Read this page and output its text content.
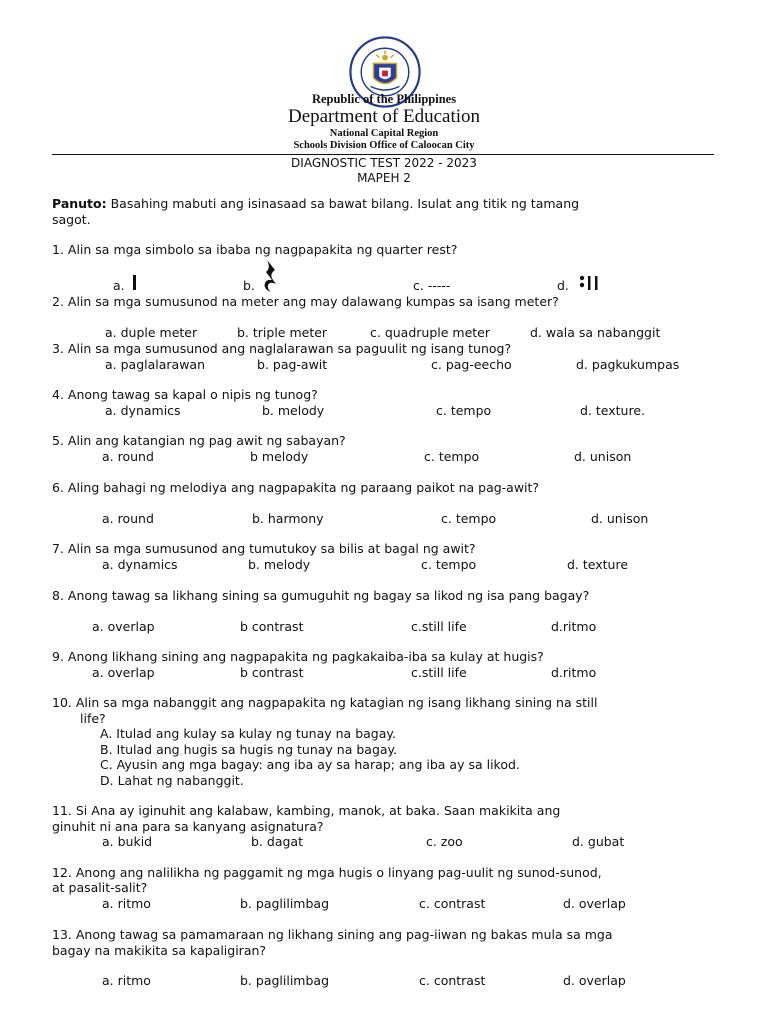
Republic of the Philippines
Department of Education
National Capital Region
Schools Division Office of Caloocan City
DIAGNOSTIC TEST 2022 - 2023
MAPEH 2
Panuto: Basahing mabuti ang isinasaad sa bawat bilang. Isulat ang titik ng tamang
sagot.
1. Alin sa mga simbolo sa ibaba ng nagpapakita ng quarter rest?
a.	b.	c. -----	d.
2. Alin sa mga sumusunod na meter ang may dalawang kumpas sa isang meter?
a. duple meter	b. triple meter	c. quadruple meter	d. wala sa nabanggit
3. Alin sa mga sumusunod ang naglalarawan sa paguulit ng isang tunog?
a. paglalarawan	b. pag-awit	c. pag-eecho	d. pagkukumpas
4. Anong tawag sa kapal o nipis ng tunog?
a. dynamics	b. melody	c. tempo	d. texture.
5. Alin ang katangian ng pag awit ng sabayan?
a. round	b melody	c. tempo	d. unison
6. Aling bahagi ng melodiya ang nagpapakita ng paraang paikot na pag-awit?
a. round	b. harmony	c. tempo	d. unison
7. Alin sa mga sumusunod ang tumutukoy sa bilis at bagal ng awit?
a. dynamics	b. melody	c. tempo	d. texture
8. Anong tawag sa likhang sining sa gumuguhit ng bagay sa likod ng isa pang bagay?
a. overlap	b contrast	c.still life	d.ritmo
9. Anong likhang sining ang nagpapakita ng pagkakaiba-iba sa kulay at hugis?
a. overlap	b contrast	c.still life	d.ritmo
10. Alin sa mga nabanggit ang nagpapakita ng katagian ng isang likhang sining na still
life?
A. Itulad ang kulay sa kulay ng tunay na bagay.
B. Itulad ang hugis sa hugis ng tunay na bagay.
C. Ayusin ang mga bagay: ang iba ay sa harap; ang iba ay sa likod.
D. Lahat ng nabanggit.
11. Si Ana ay iginuhit ang kalabaw, kambing, manok, at baka. Saan makikita ang
ginuhit ni ana para sa kanyang asignatura?
a. bukid	b. dagat	c. zoo	d. gubat
12. Anong ang nalilikha ng paggamit ng mga hugis o linyang pag-uulit ng sunod-sunod,
at pasalit-salit?
a. ritmo	b. paglilimbag	c. contrast	d. overlap
13. Anong tawag sa pamamaraan ng likhang sining ang pag-iiwan ng bakas mula sa mga
bagay na makikita sa kapaligiran?
a. ritmo	b. paglilimbag	c. contrast	d. overlap
